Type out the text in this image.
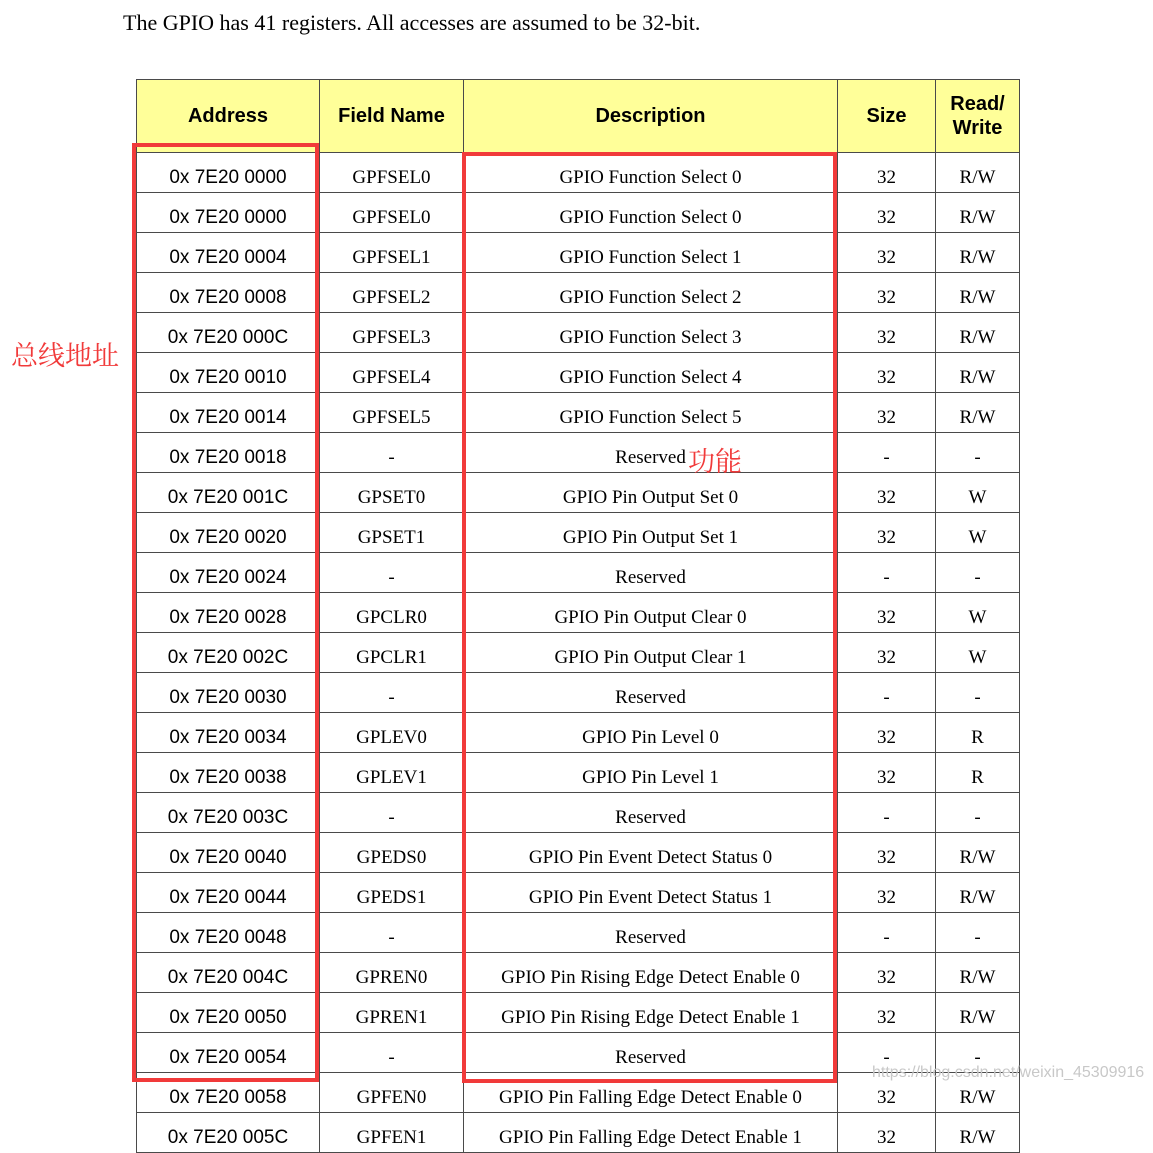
The GPIO has 41 registers. All accesses are assumed to be 32-bit.
Address	Field Name	Description	Size	Read/
Write
0x 7E20 0000	GPFSEL0	GPIO Function Select 0	32	R/W
0x 7E20 0000	GPFSEL0	GPIO Function Select 0	32	R/W
0x 7E20 0004	GPFSEL1	GPIO Function Select 1	32	R/W
0x 7E20 0008	GPFSEL2	GPIO Function Select 2	32	R/W
0x 7E20 000C	GPFSEL3	GPIO Function Select 3	32	R/W
0x 7E20 0010	GPFSEL4	GPIO Function Select 4	32	R/W
0x 7E20 0014	GPFSEL5	GPIO Function Select 5	32	R/W
0x 7E20 0018	-	Reserved	-	-
0x 7E20 001C	GPSET0	GPIO Pin Output Set 0	32	W
0x 7E20 0020	GPSET1	GPIO Pin Output Set 1	32	W
0x 7E20 0024	-	Reserved	-	-
0x 7E20 0028	GPCLR0	GPIO Pin Output Clear 0	32	W
0x 7E20 002C	GPCLR1	GPIO Pin Output Clear 1	32	W
0x 7E20 0030	-	Reserved	-	-
0x 7E20 0034	GPLEV0	GPIO Pin Level 0	32	R
0x 7E20 0038	GPLEV1	GPIO Pin Level 1	32	R
0x 7E20 003C	-	Reserved	-	-
0x 7E20 0040	GPEDS0	GPIO Pin Event Detect Status 0	32	R/W
0x 7E20 0044	GPEDS1	GPIO Pin Event Detect Status 1	32	R/W
0x 7E20 0048	-	Reserved	-	-
0x 7E20 004C	GPREN0	GPIO Pin Rising Edge Detect Enable 0	32	R/W
0x 7E20 0050	GPREN1	GPIO Pin Rising Edge Detect Enable 1	32	R/W
0x 7E20 0054	-	Reserved	-	-
0x 7E20 0058	GPFEN0	GPIO Pin Falling Edge Detect Enable 0	32	R/W
0x 7E20 005C	GPFEN1	GPIO Pin Falling Edge Detect Enable 1	32	R/W
总线地址
功能
https://blog.csdn.net/weixin_45309916
